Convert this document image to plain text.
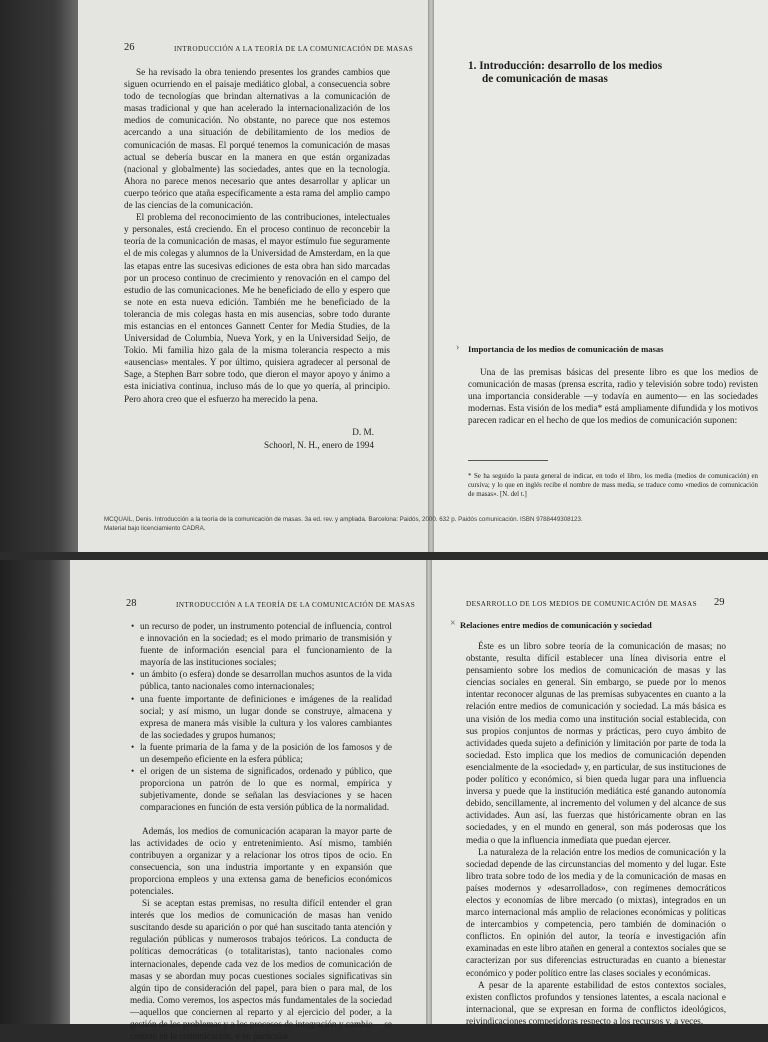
26	INTRODUCCIÓN A LA TEORÍA DE LA COMUNICACIÓN DE MASAS

Se ha revisado la obra teniendo presentes los grandes cambios que siguen ocurriendo en el paisaje mediático global, a consecuencia sobre todo de tecnologías que brindan alternativas a la comunicación de masas tradicional y que han acelerado la internacionalización de los medios de comunicación. No obstante, no parece que nos estemos acercando a una situación de debilitamiento de los medios de comunicación de masas. El porqué tenemos la comunicación de masas actual se debería buscar en la manera en que están organizadas (nacional y globalmente) las sociedades, antes que en la tecnología. Ahora no parece menos necesario que antes desarrollar y aplicar un cuerpo teórico que ataña específicamente a esta rama del amplio campo de las ciencias de la comunicación.

El problema del reconocimiento de las contribuciones, intelectuales y personales, está creciendo. En el proceso continuo de reconcebir la teoría de la comunicación de masas, el mayor estímulo fue seguramente el de mis colegas y alumnos de la Universidad de Amsterdam, en la que las etapas entre las sucesivas ediciones de esta obra han sido marcadas por un proceso continuo de crecimiento y renovación en el campo del estudio de las comunicaciones. Me he beneficiado de ello y espero que se note en esta nueva edición. También me he beneficiado de la tolerancia de mis colegas hasta en mis ausencias, sobre todo durante mis estancias en el entonces Gannett Center for Media Studies, de la Universidad de Columbia, Nueva York, y en la Universidad Seijo, de Tokio. Mi familia hizo gala de la misma tolerancia respecto a mis «ausencias» mentales. Y por último, quisiera agradecer al personal de Sage, a Stephen Barr sobre todo, que dieron el mayor apoyo y ánimo a esta iniciativa continua, incluso más de lo que yo quería, al principio. Pero ahora creo que el esfuerzo ha merecido la pena.

D. M.
Schoorl, N. H., enero de 1994
1. Introducción: desarrollo de los medios
de comunicación de masas
› Importancia de los medios de comunicación de masas

Una de las premisas básicas del presente libro es que los medios de comunicación de masas (prensa escrita, radio y televisión sobre todo) revisten una importancia considerable —y todavía en aumento— en las sociedades modernas. Esta visión de los media* está ampliamente difundida y los motivos parecen radicar en el hecho de que los medios de comunicación suponen:

* Se ha seguido la pauta general de indicar, en todo el libro, los media (medios de comunicación) en cursiva; y lo que en inglés recibe el nombre de mass media, se traduce como «medios de comunicación de masas». [N. del t.]
MCQUAIL, Denis. Introducción a la teoría de la comunicación de masas. 3a ed. rev. y ampliada. Barcelona: Paidós, 2000. 632 p. Paidós comunicación. ISBN 9788449308123.
Material bajo licenciamiento CADRA.
28	INTRODUCCIÓN A LA TEORÍA DE LA COMUNICACIÓN DE MASAS
• un recurso de poder, un instrumento potencial de influencia, control e innovación en la sociedad; es el modo primario de transmisión y fuente de información esencial para el funcionamiento de la mayoría de las instituciones sociales;
• un ámbito (o esfera) donde se desarrollan muchos asuntos de la vida pública, tanto nacionales como internacionales;
• una fuente importante de definiciones e imágenes de la realidad social; y así mismo, un lugar donde se construye, almacena y expresa de manera más visible la cultura y los valores cambiantes de las sociedades y grupos humanos;
• la fuente primaria de la fama y de la posición de los famosos y de un desempeño eficiente en la esfera pública;
• el origen de un sistema de significados, ordenado y público, que proporciona un patrón de lo que es normal, empírica y subjetivamente, donde se señalan las desviaciones y se hacen comparaciones en función de esta versión pública de la normalidad.

Además, los medios de comunicación acaparan la mayor parte de las actividades de ocio y entretenimiento. Así mismo, también contribuyen a organizar y a relacionar los otros tipos de ocio. En consecuencia, son una industria importante y en expansión que proporciona empleos y una extensa gama de beneficios económicos potenciales.

Si se aceptan estas premisas, no resulta difícil entender el gran interés que los medios de comunicación de masas han venido suscitando desde su aparición o por qué han suscitado tanta atención y regulación públicas y numerosos trabajos teóricos. La conducta de políticas democráticas (o totalitaristas), tanto nacionales como internacionales, depende cada vez de los medios de comunicación de masas y se abordan muy pocas cuestiones sociales significativas sin algún tipo de consideración del papel, para bien o para mal, de los media. Como veremos, los aspectos más fundamentales de la sociedad —aquellos que conciernen al reparto y al ejercicio del poder, a la gestión de los problemas y a los procesos de integración y cambio— se centran en la comunicación, y en particular

DESARROLLO DE LOS MEDIOS DE COMUNICACIÓN DE MASAS 29
× Relaciones entre medios de comunicación y sociedad

Éste es un libro sobre teoría de la comunicación de masas; no obstante, resulta difícil establecer una línea divisoria entre el pensamiento sobre los medios de comunicación de masas y las ciencias sociales en general. Sin embargo, se puede por lo menos intentar reconocer algunas de las premisas subyacentes en cuanto a la relación entre medios de comunicación y sociedad. La más básica es una visión de los media como una institución social establecida, con sus propios conjuntos de normas y prácticas, pero cuyo ámbito de actividades queda sujeto a definición y limitación por parte de toda la sociedad. Esto implica que los medios de comunicación dependen esencialmente de la «sociedad» y, en particular, de sus instituciones de poder político y económico, si bien queda lugar para una influencia inversa y puede que la institución mediática esté ganando autonomía debido, sencillamente, al incremento del volumen y del alcance de sus actividades. Aun así, las fuerzas que históricamente obran en las sociedades, y en el mundo en general, son más poderosas que los media o que la influencia inmediata que puedan ejercer.

La naturaleza de la relación entre los medios de comunicación y la sociedad depende de las circunstancias del momento y del lugar. Este libro trata sobre todo de los media y de la comunicación de masas en países modernos y «desarrollados», con regímenes democráticos electos y economías de libre mercado (o mixtas), integrados en un marco internacional más amplio de relaciones económicas y políticas de intercambios y competencia, pero también de dominación o conflictos. En opinión del autor, la teoría e investigación afín examinadas en este libro atañen en general a contextos sociales que se caracterizan por sus diferencias estructuradas en cuanto a bienestar económico y poder político entre las clases sociales y económicas.

A pesar de la aparente estabilidad de estos contextos sociales, existen conflictos profundos y tensiones latentes, a escala nacional e internacional, que se expresan en forma de conflictos ideológicos, reivindicaciones competidoras respecto a los recursos y, a veces,
